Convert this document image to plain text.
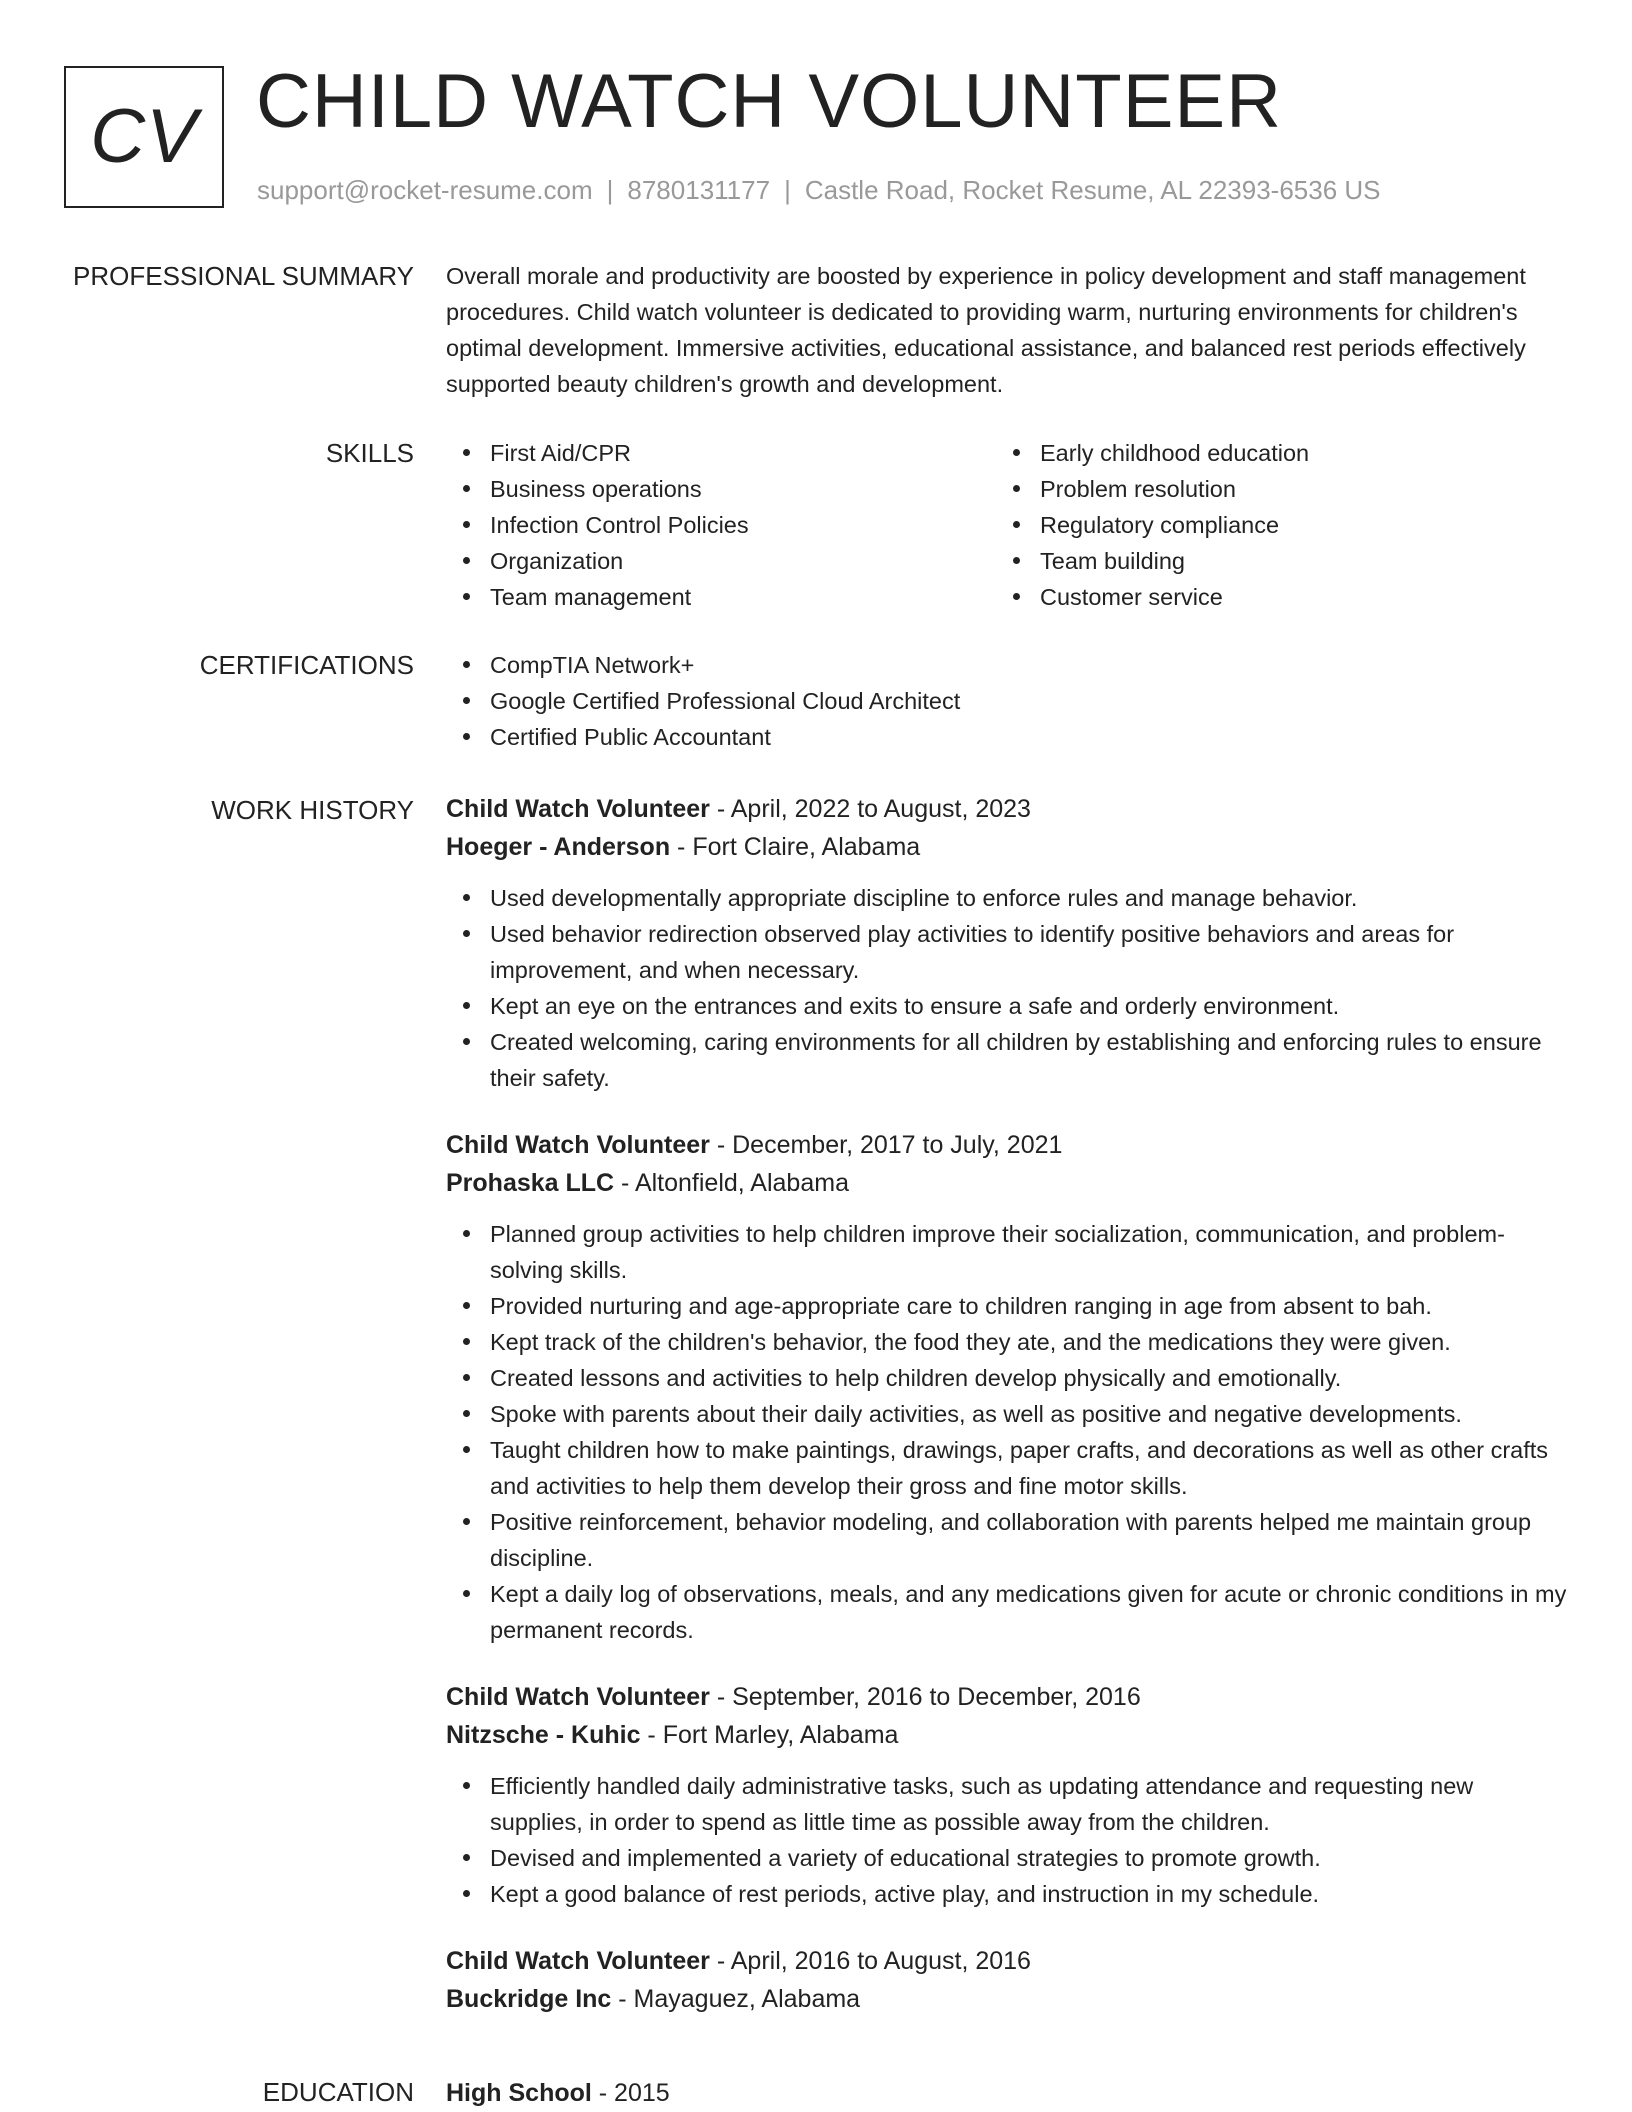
CV CHILD WATCH VOLUNTEER
support@rocket-resume.com | 8780131177 | Castle Road, Rocket Resume, AL 22393-6536 US
PROFESSIONAL SUMMARY Overall morale and productivity are boosted by experience in policy development and staff management procedures. Child watch volunteer is dedicated to providing warm, nurturing environments for children's optimal development. Immersive activities, educational assistance, and balanced rest periods effectively supported beauty children's growth and development.

SKILLS	First Aid/CPR
Business operations
Infection Control Policies
Organization
Team management
Early childhood education
Problem resolution
Regulatory compliance
Team building
Customer service
CERTIFICATIONS	CompTIA Network+
Google Certified Professional Cloud Architect
Certified Public Accountant
WORK HISTORY Child Watch Volunteer - April, 2022 to August, 2023
Hoeger - Anderson - Fort Claire, Alabama
Used developmentally appropriate discipline to enforce rules and manage behavior.
Used behavior redirection observed play activities to identify positive behaviors and areas for improvement, and when necessary.
Kept an eye on the entrances and exits to ensure a safe and orderly environment.
Created welcoming, caring environments for all children by establishing and enforcing rules to ensure their safety.
Child Watch Volunteer - December, 2017 to July, 2021
Prohaska LLC - Altonfield, Alabama
Planned group activities to help children improve their socialization, communication, and problem-solving skills.
Provided nurturing and age-appropriate care to children ranging in age from absent to bah.
Kept track of the children's behavior, the food they ate, and the medications they were given.
Created lessons and activities to help children develop physically and emotionally.
Spoke with parents about their daily activities, as well as positive and negative developments.
Taught children how to make paintings, drawings, paper crafts, and decorations as well as other crafts and activities to help them develop their gross and fine motor skills.
Positive reinforcement, behavior modeling, and collaboration with parents helped me maintain group discipline.
Kept a daily log of observations, meals, and any medications given for acute or chronic conditions in my permanent records.
Child Watch Volunteer - September, 2016 to December, 2016
Nitzsche - Kuhic - Fort Marley, Alabama
Efficiently handled daily administrative tasks, such as updating attendance and requesting new supplies, in order to spend as little time as possible away from the children.
Devised and implemented a variety of educational strategies to promote growth.
Kept a good balance of rest periods, active play, and instruction in my schedule.
Child Watch Volunteer - April, 2016 to August, 2016
Buckridge Inc - Mayaguez, Alabama
EDUCATION High School - 2015
